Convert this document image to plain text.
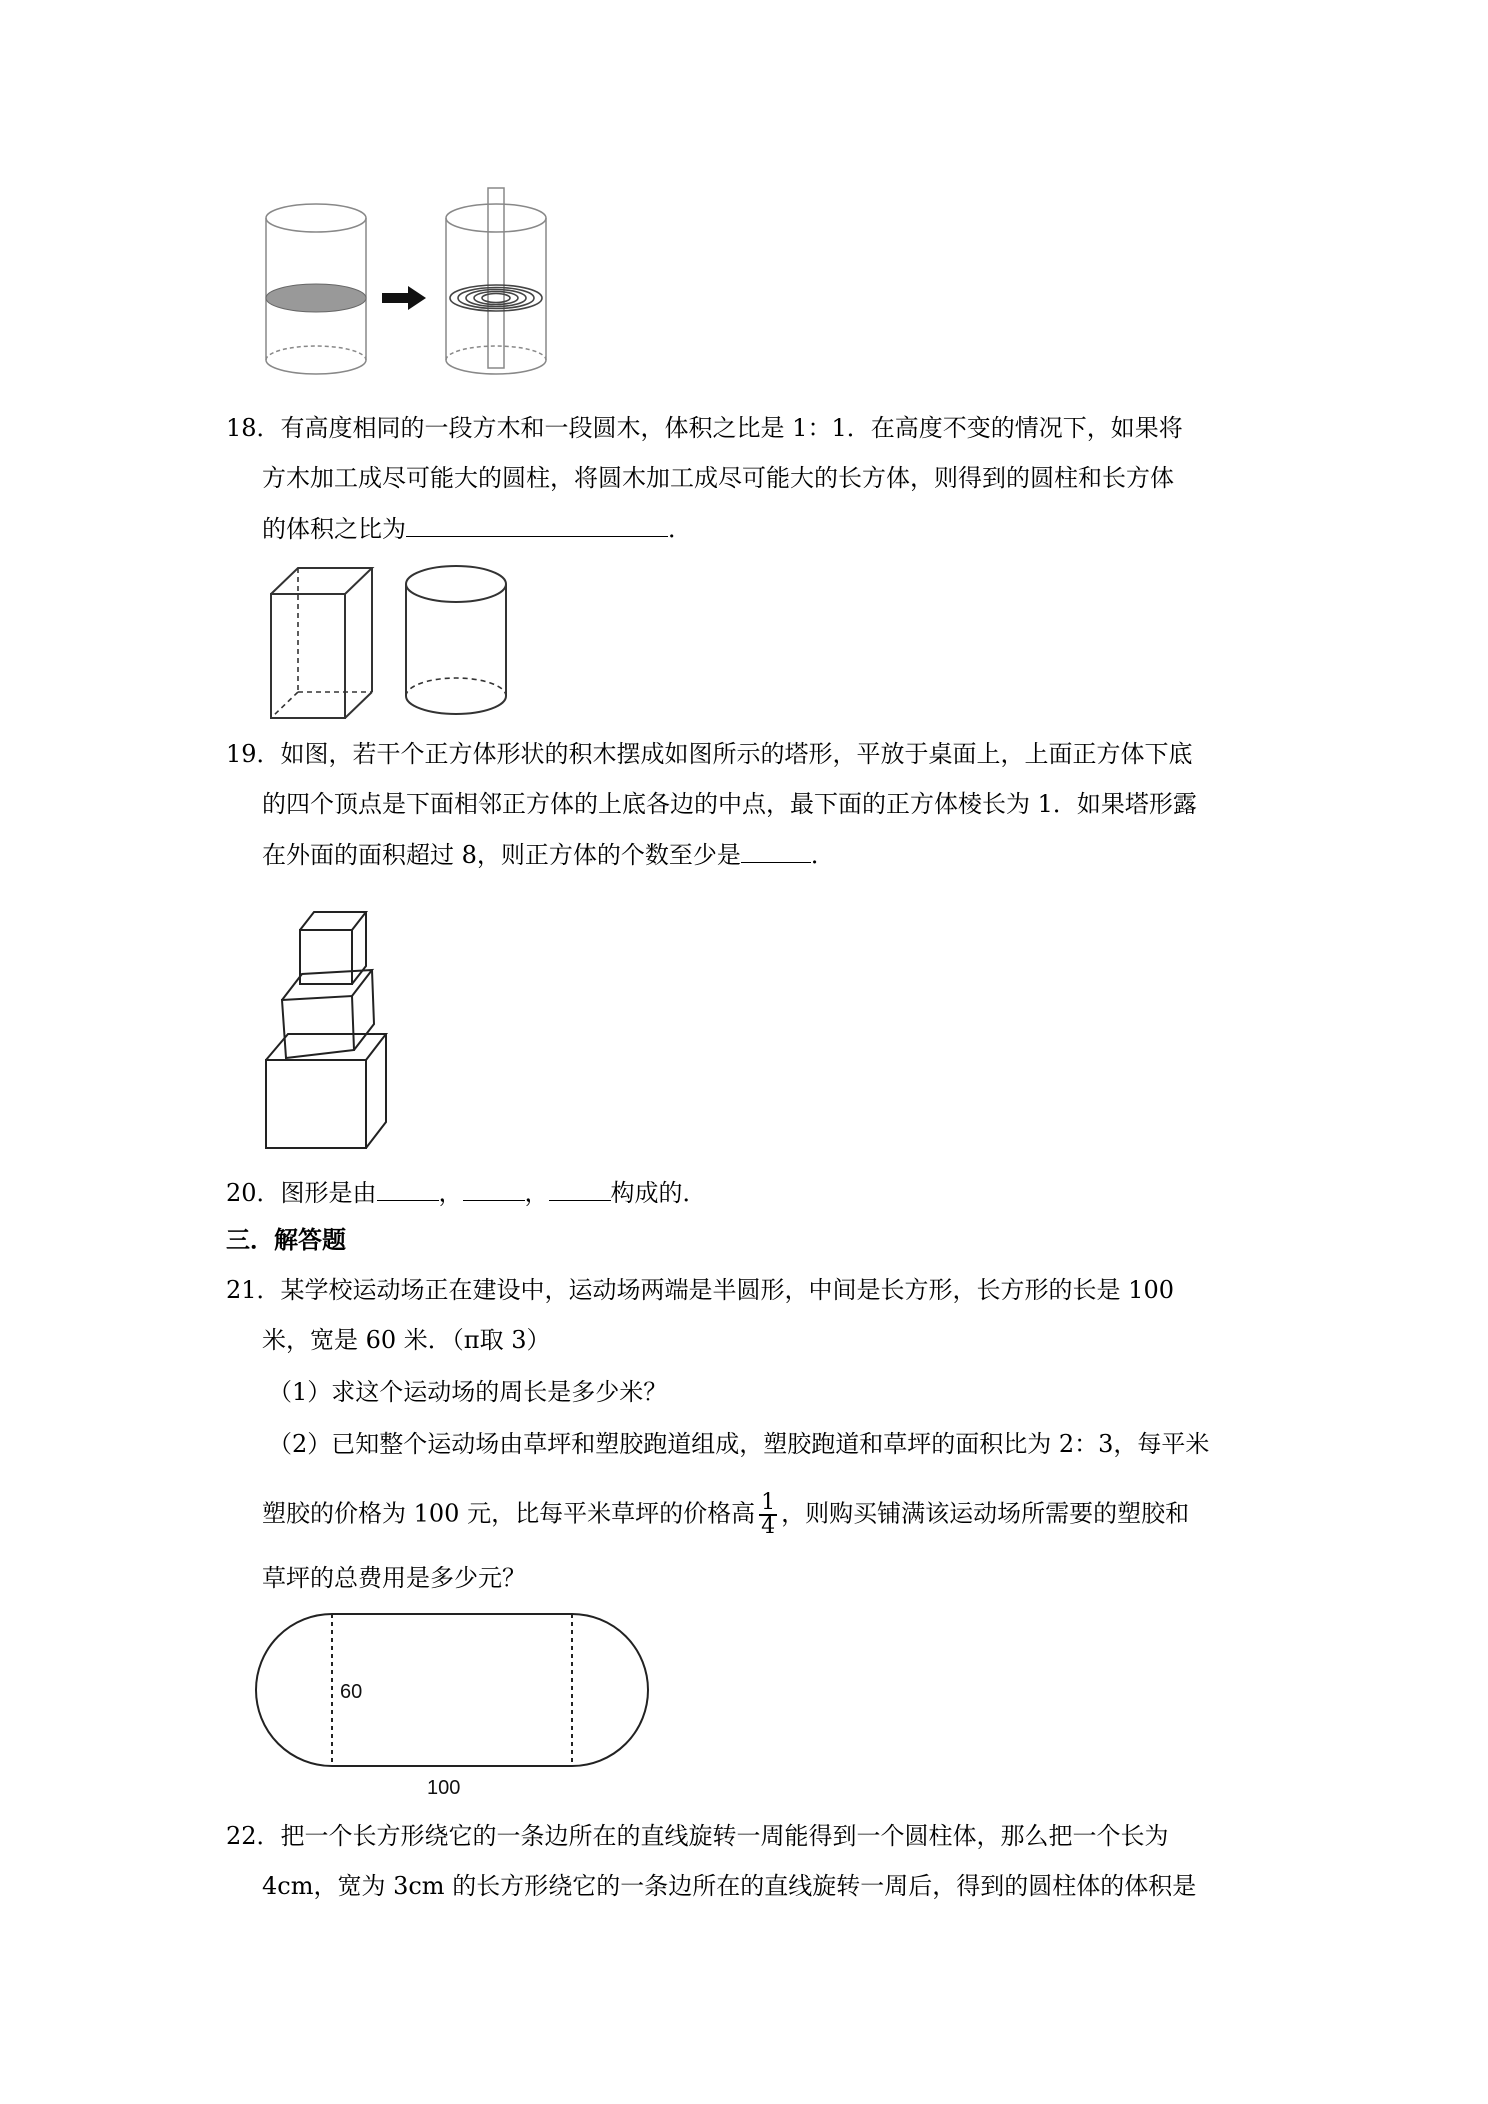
18．有高度相同的一段方木和一段圆木，体积之比是 1：1．在高度不变的情况下，如果将
方木加工成尽可能大的圆柱，将圆木加工成尽可能大的长方体，则得到的圆柱和长方体
的体积之比为	．
19．如图，若干个正方体形状的积木摆成如图所示的塔形，平放于桌面上，上面正方体下底
的四个顶点是下面相邻正方体的上底各边的中点，最下面的正方体棱长为 1．如果塔形露
在外面的面积超过 8，则正方体的个数至少是	．
20．图形是由	，	，	构成的．
三．解答题
21．某学校运动场正在建设中，运动场两端是半圆形，中间是长方形，长方形的长是 100
米，宽是 60 米．（π取 3）
（1）求这个运动场的周长是多少米？
（2）已知整个运动场由草坪和塑胶跑道组成，塑胶跑道和草坪的面积比为 2：3，每平米
塑胶的价格为 100 元，比每平米草坪的价格高 $\frac{1}{4}$ ，则购买铺满该运动场所需要的塑胶和
草坪的总费用是多少元？
60
100
22．把一个长方形绕它的一条边所在的直线旋转一周能得到一个圆柱体，那么把一个长为
4cm，宽为 3cm 的长方形绕它的一条边所在的直线旋转一周后，得到的圆柱体的体积是
